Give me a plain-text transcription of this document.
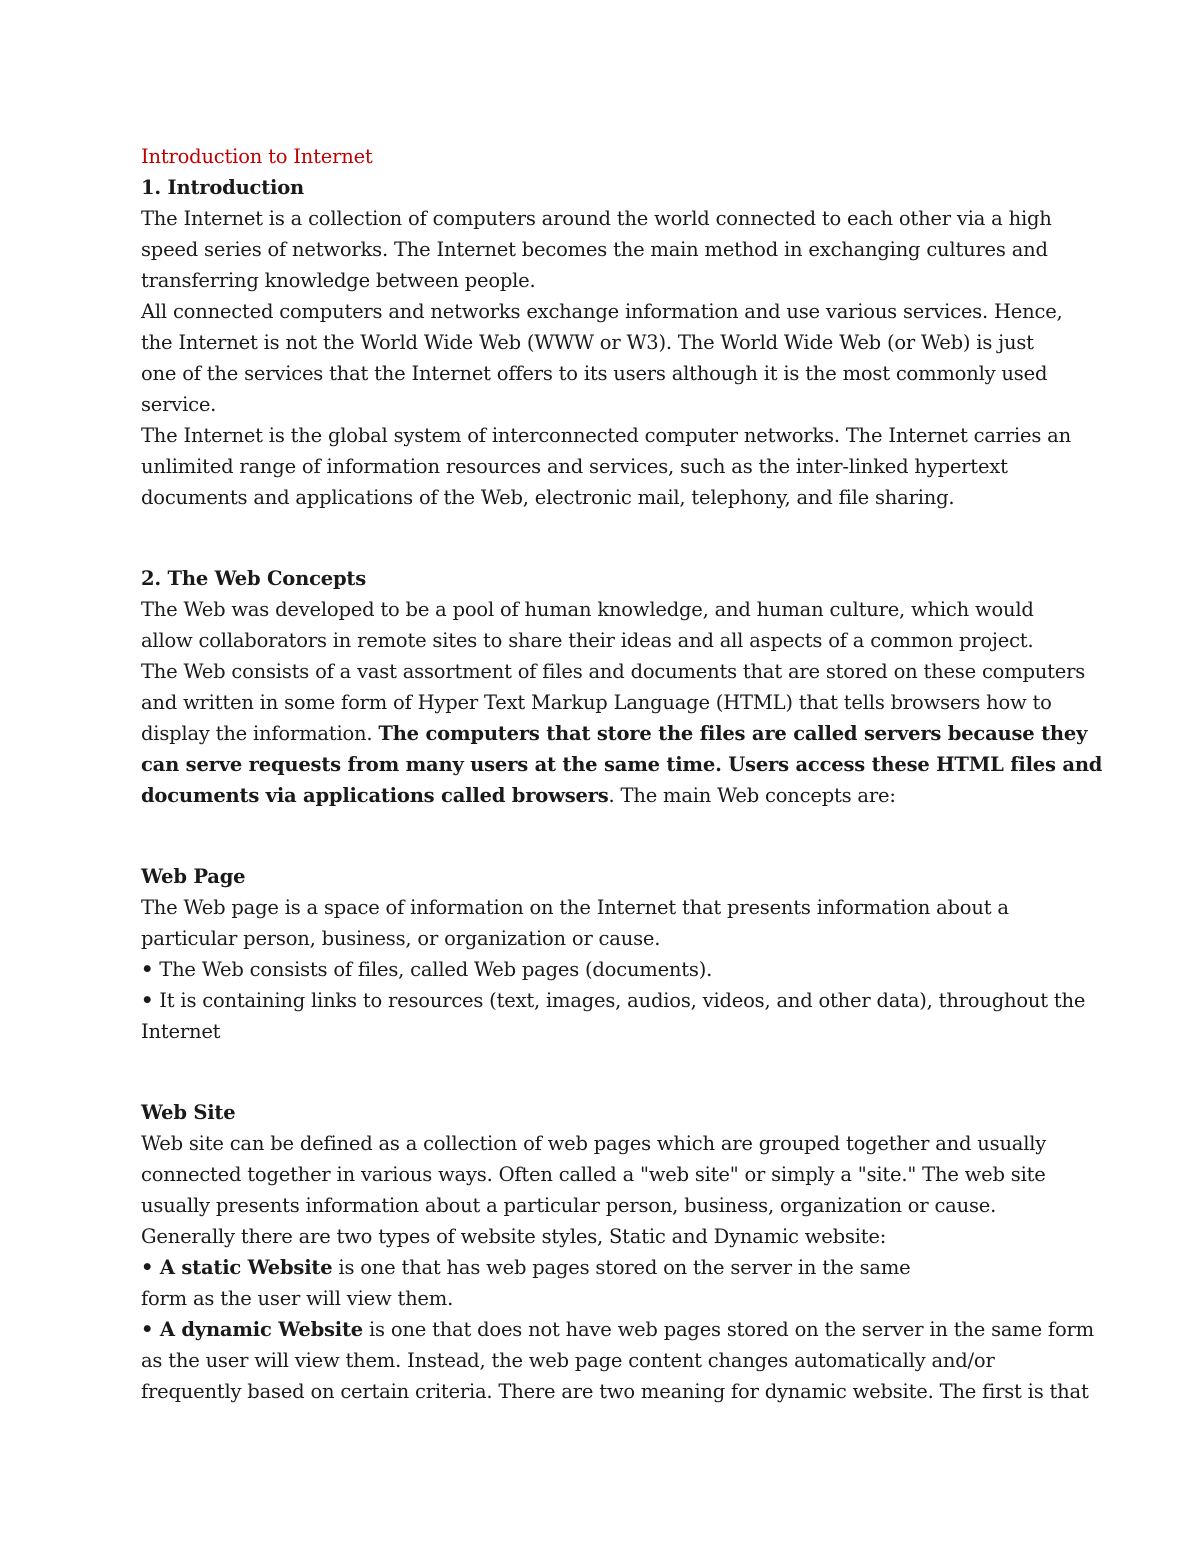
Introduction to Internet
1. Introduction
The Internet is a collection of computers around the world connected to each other via a high
speed series of networks. The Internet becomes the main method in exchanging cultures and
transferring knowledge between people.
All connected computers and networks exchange information and use various services. Hence,
the Internet is not the World Wide Web (WWW or W3). The World Wide Web (or Web) is just
one of the services that the Internet offers to its users although it is the most commonly used
service.
The Internet is the global system of interconnected computer networks. The Internet carries an
unlimited range of information resources and services, such as the inter-linked hypertext
documents and applications of the Web, electronic mail, telephony, and file sharing.
2. The Web Concepts
The Web was developed to be a pool of human knowledge, and human culture, which would
allow collaborators in remote sites to share their ideas and all aspects of a common project.
The Web consists of a vast assortment of files and documents that are stored on these computers
and written in some form of Hyper Text Markup Language (HTML) that tells browsers how to
display the information. The computers that store the files are called servers because they
can serve requests from many users at the same time. Users access these HTML files and
documents via applications called browsers. The main Web concepts are:
Web Page
The Web page is a space of information on the Internet that presents information about a
particular person, business, or organization or cause.
• The Web consists of files, called Web pages (documents).
• It is containing links to resources (text, images, audios, videos, and other data), throughout the
Internet
Web Site
Web site can be defined as a collection of web pages which are grouped together and usually
connected together in various ways. Often called a "web site" or simply a "site." The web site
usually presents information about a particular person, business, organization or cause.
Generally there are two types of website styles, Static and Dynamic website:
• A static Website is one that has web pages stored on the server in the same
form as the user will view them.
• A dynamic Website is one that does not have web pages stored on the server in the same form
as the user will view them. Instead, the web page content changes automatically and/or
frequently based on certain criteria. There are two meaning for dynamic website. The first is that
